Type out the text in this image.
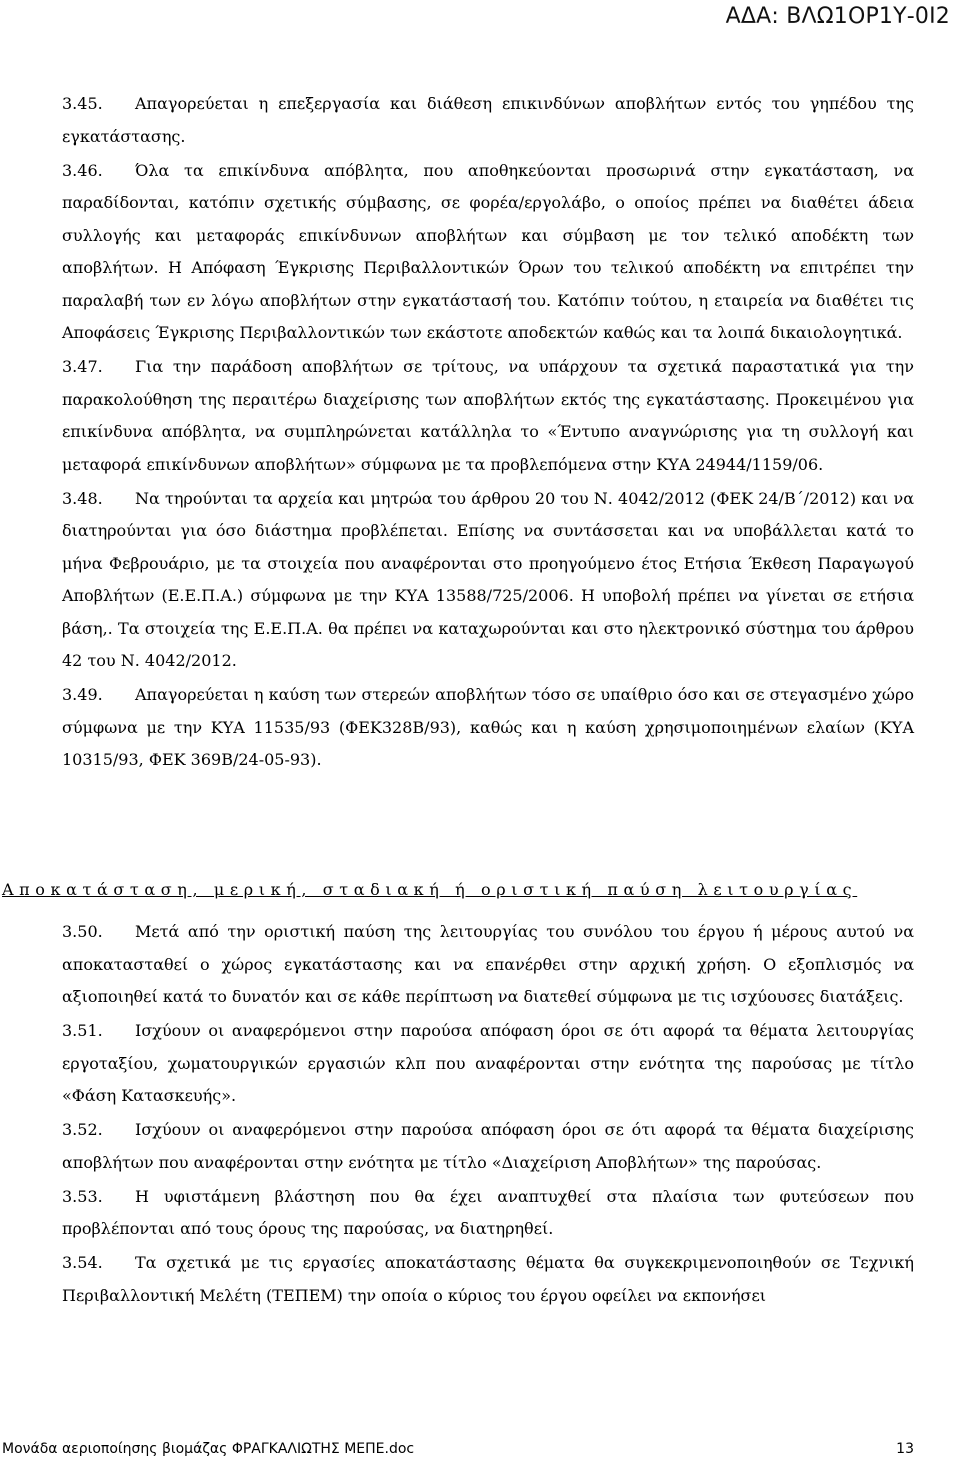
ΑΔΑ: ΒΛΩ1ΟΡ1Υ-0Ι2

3.45. Απαγορεύεται η επεξεργασία και διάθεση επικινδύνων αποβλήτων εντός του γηπέδου της εγκατάστασης.

3.46. Όλα τα επικίνδυνα απόβλητα, που αποθηκεύονται προσωρινά στην εγκατάσταση, να παραδίδονται, κατόπιν σχετικής σύμβασης, σε φορέα/εργολάβο, ο οποίος πρέπει να διαθέτει άδεια συλλογής και μεταφοράς επικίνδυνων αποβλήτων και σύμβαση με τον τελικό αποδέκτη των αποβλήτων. Η Απόφαση Έγκρισης Περιβαλλοντικών Όρων του τελικού αποδέκτη να επιτρέπει την παραλαβή των εν λόγω αποβλήτων στην εγκατάστασή του. Κατόπιν τούτου, η εταιρεία να διαθέτει τις Αποφάσεις Έγκρισης Περιβαλλοντικών των εκάστοτε αποδεκτών καθώς και τα λοιπά δικαιολογητικά.

3.47. Για την παράδοση αποβλήτων σε τρίτους, να υπάρχουν τα σχετικά παραστατικά για την παρακολούθηση της περαιτέρω διαχείρισης των αποβλήτων εκτός της εγκατάστασης. Προκειμένου για επικίνδυνα απόβλητα, να συμπληρώνεται κατάλληλα το «Έντυπο αναγνώρισης για τη συλλογή και μεταφορά επικίνδυνων αποβλήτων» σύμφωνα με τα προβλεπόμενα στην ΚΥΑ 24944/1159/06.

3.48. Να τηρούνται τα αρχεία και μητρώα του άρθρου 20 του Ν. 4042/2012 (ΦΕΚ 24/Β΄/2012) και να διατηρούνται για όσο διάστημα προβλέπεται. Επίσης να συντάσσεται και να υποβάλλεται κατά το μήνα Φεβρουάριο, με τα στοιχεία που αναφέρονται στο προηγούμενο έτος Ετήσια Έκθεση Παραγωγού Αποβλήτων (Ε.Ε.Π.Α.) σύμφωνα με την ΚΥΑ 13588/725/2006. Η υποβολή πρέπει να γίνεται σε ετήσια βάση,. Τα στοιχεία της Ε.Ε.Π.Α. θα πρέπει να καταχωρούνται και στο ηλεκτρονικό σύστημα του άρθρου 42 του Ν. 4042/2012.

3.49. Απαγορεύεται η καύση των στερεών αποβλήτων τόσο σε υπαίθριο όσο και σε στεγασμένο χώρο σύμφωνα με την ΚΥΑ 11535/93 (ΦΕΚ328Β/93), καθώς και η καύση χρησιμοποιημένων ελαίων (ΚΥΑ 10315/93, ΦΕΚ 369Β/24-05-93).

Αποκατάσταση, μερική, σταδιακή ή οριστική παύση λειτουργίας

3.50. Μετά από την οριστική παύση της λειτουργίας του συνόλου του έργου ή μέρους αυτού να αποκατασταθεί ο χώρος εγκατάστασης και να επανέρθει στην αρχική χρήση. Ο εξοπλισμός να αξιοποιηθεί κατά το δυνατόν και σε κάθε περίπτωση να διατεθεί σύμφωνα με τις ισχύουσες διατάξεις.

3.51. Ισχύουν οι αναφερόμενοι στην παρούσα απόφαση όροι σε ότι αφορά τα θέματα λειτουργίας εργοταξίου, χωματουργικών εργασιών κλπ που αναφέρονται στην ενότητα της παρούσας με τίτλο «Φάση Κατασκευής».

3.52. Ισχύουν οι αναφερόμενοι στην παρούσα απόφαση όροι σε ότι αφορά τα θέματα διαχείρισης αποβλήτων που αναφέρονται στην ενότητα με τίτλο «Διαχείριση Αποβλήτων» της παρούσας.

3.53. Η υφιστάμενη βλάστηση που θα έχει αναπτυχθεί στα πλαίσια των φυτεύσεων που προβλέπονται από τους όρους της παρούσας, να διατηρηθεί.

3.54. Τα σχετικά με τις εργασίες αποκατάστασης θέματα θα συγκεκριμενοποιηθούν σε Τεχνική Περιβαλλοντική Μελέτη (ΤΕΠΕΜ) την οποία ο κύριος του έργου οφείλει να εκπονήσει

Μονάδα αεριοποίησης βιομάζας ΦΡΑΓΚΑΛΙΩΤΗΣ ΜΕΠΕ.doc	13
